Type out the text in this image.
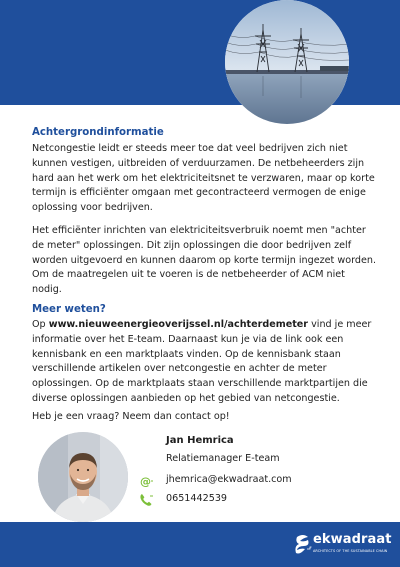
Achtergrondinformatie

Netcongestie leidt er steeds meer toe dat veel bedrijven zich niet kunnen vestigen, uitbreiden of verduurzamen. De netbeheerders zijn hard aan het werk om het elektriciteitsnet te verzwaren, maar op korte termijn is efficiënter omgaan met gecontracteerd vermogen de enige oplossing voor bedrijven.

Het efficiënter inrichten van elektriciteitsverbruik noemt men "achter de meter" oplossingen. Dit zijn oplossingen die door bedrijven zelf worden uitgevoerd en kunnen daarom op korte termijn ingezet worden. Om de maatregelen uit te voeren is de netbeheerder of ACM niet nodig.

Meer weten?

Op www.nieuweenergieoverijssel.nl/achterdemeter vind je meer informatie over het E-team. Daarnaast kun je via de link ook een kennisbank en een marktplaats vinden. Op de kennisbank staan verschillende artikelen over netcongestie en achter de meter oplossingen. Op de marktplaats staan verschillende marktpartijen die diverse oplossingen aanbieden op het gebied van netcongestie.

Heb je een vraag? Neem dan contact op!

Jan Hemrica
Relatiemanager E-team
@ jhemrica@ekwadraat.com
0651442539
ekwadraat
ARCHITECTS OF THE SUSTAINABLE CHAIN
